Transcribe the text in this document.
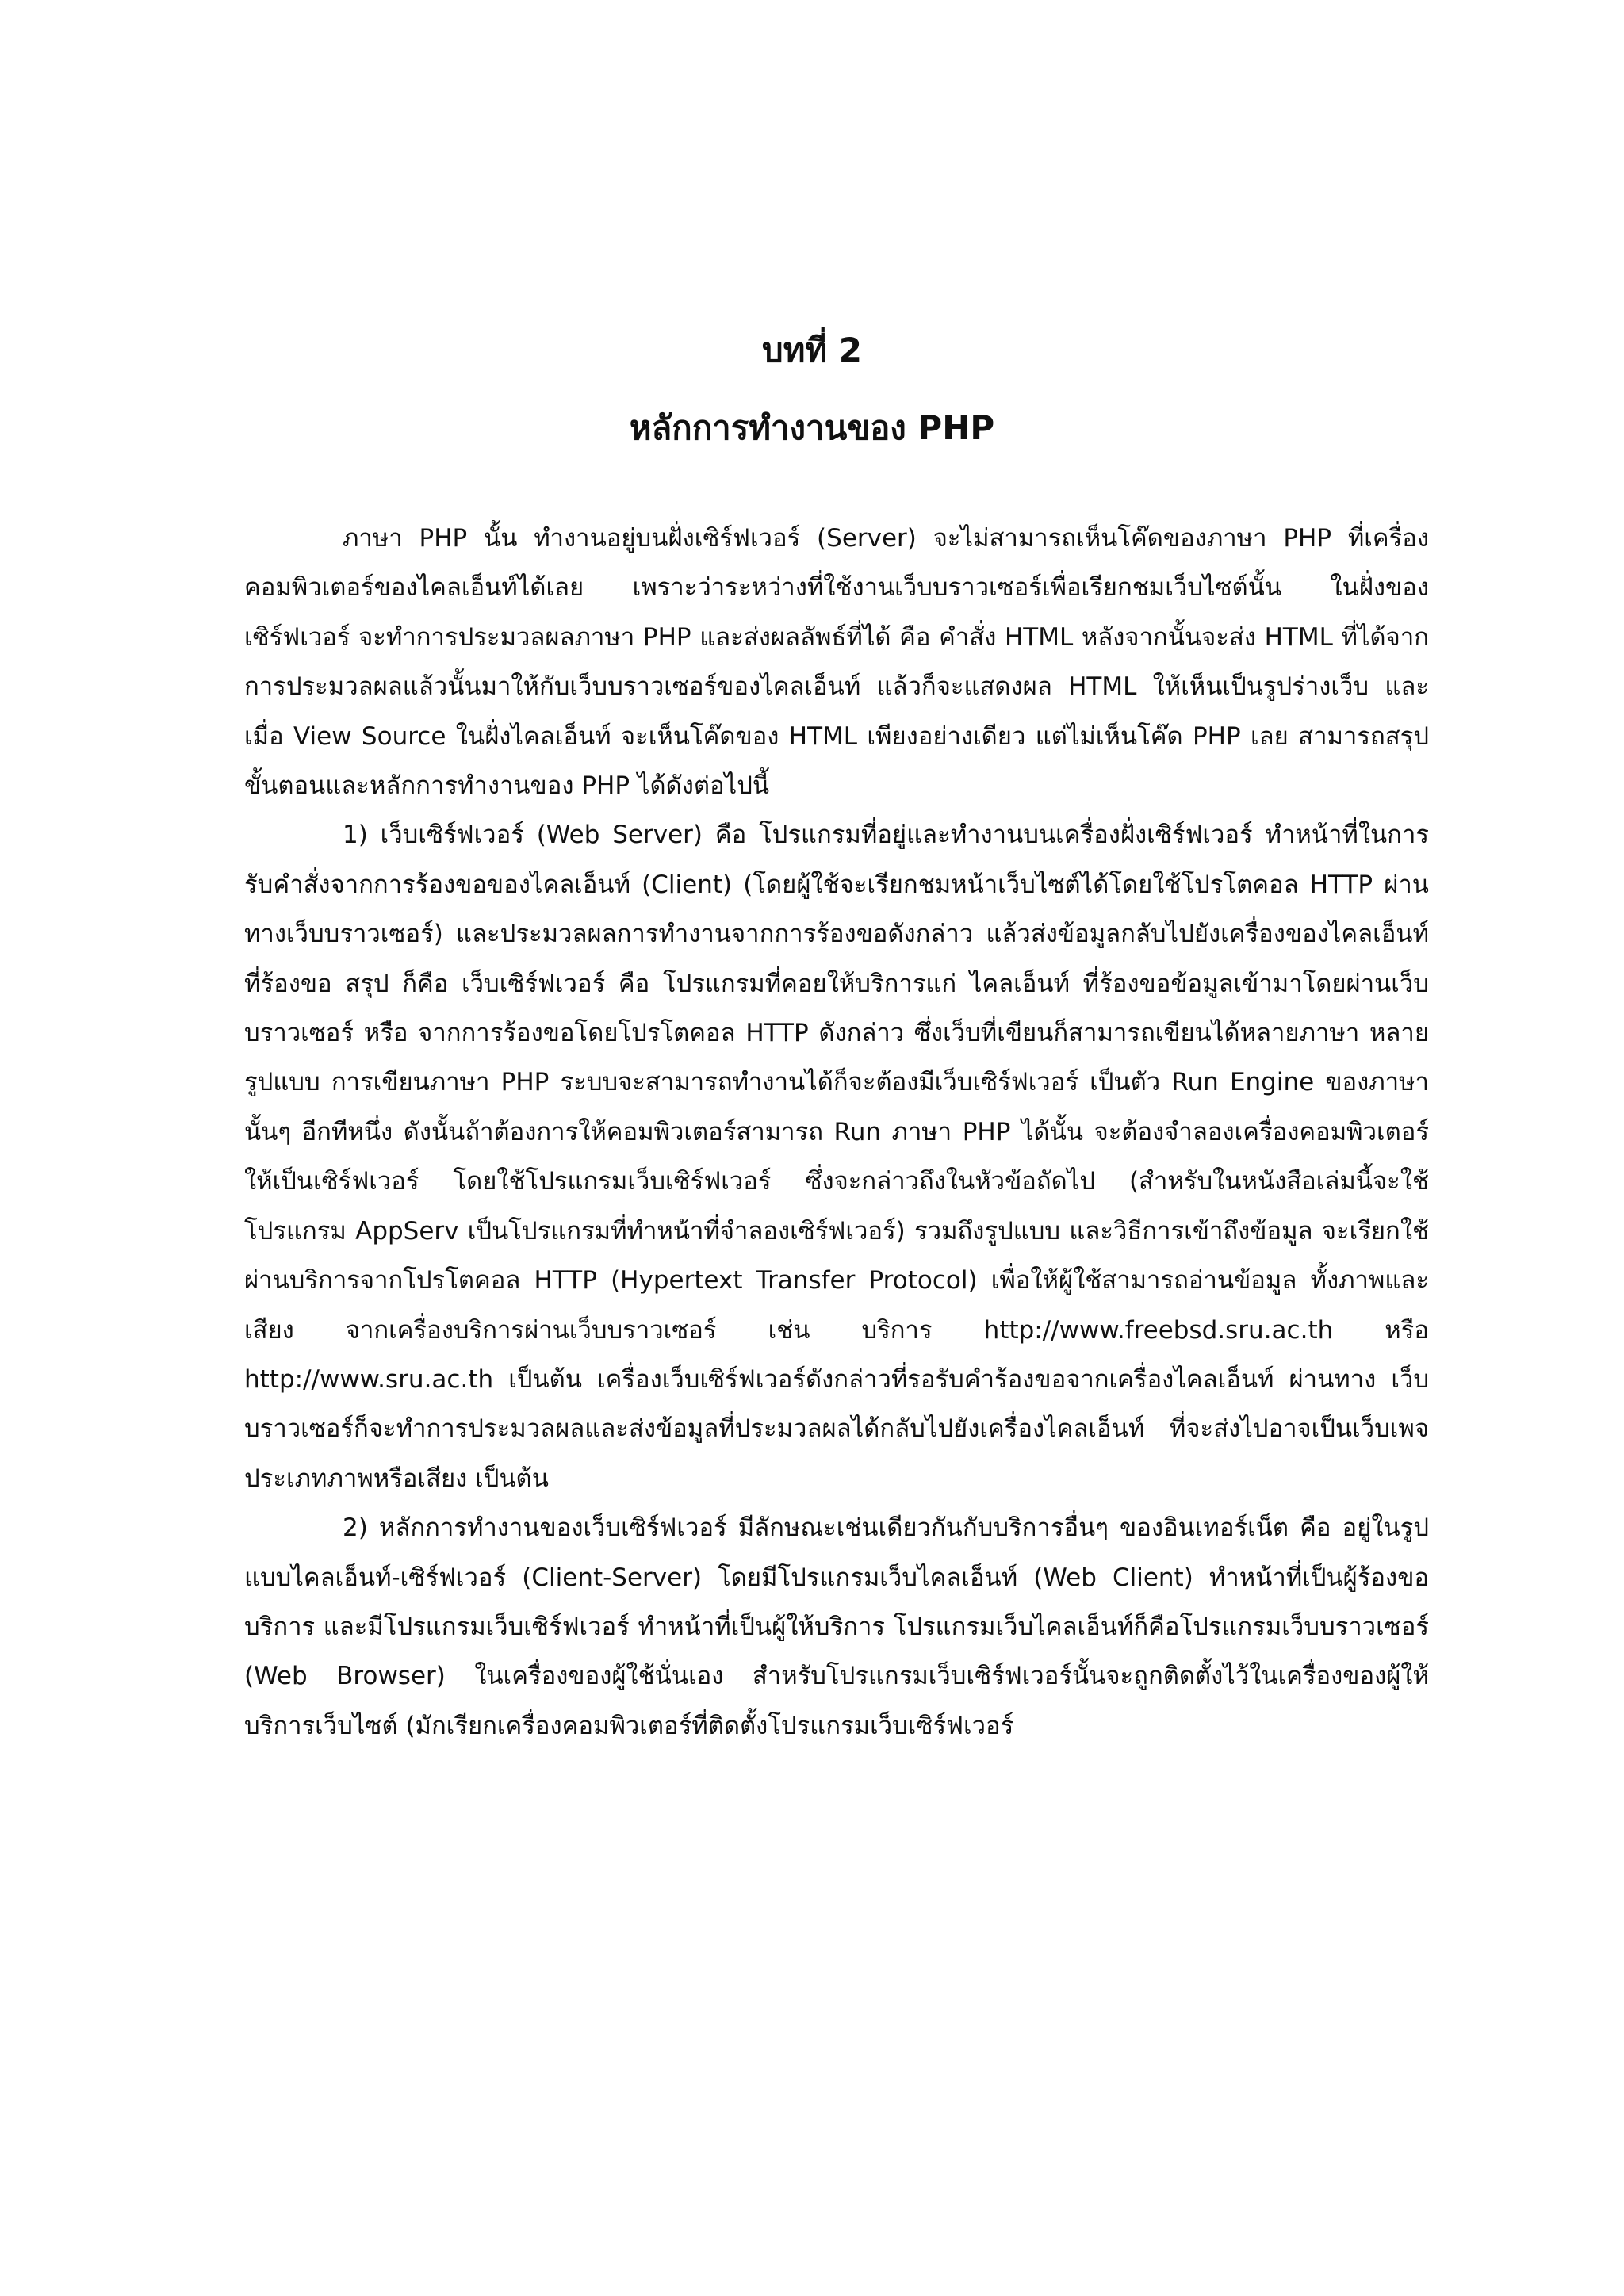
บทที่ 2
หลักการทำงานของ PHP

ภาษา PHP นั้น ทำงานอยู่บนฝั่งเซิร์ฟเวอร์ (Server) จะไม่สามารถเห็นโค๊ดของภาษา PHP ที่เครื่องคอมพิวเตอร์ของไคลเอ็นท์ได้เลย เพราะว่าระหว่างที่ใช้งานเว็บบราวเซอร์เพื่อเรียกชมเว็บไซต์นั้น ในฝั่งของเซิร์ฟเวอร์ จะทำการประมวลผลภาษา PHP และส่งผลลัพธ์ที่ได้ คือ คำสั่ง HTML หลังจากนั้นจะส่ง HTML ที่ได้จากการประมวลผลแล้วนั้นมาให้กับเว็บบราวเซอร์ของไคลเอ็นท์ แล้วก็จะแสดงผล HTML ให้เห็นเป็นรูปร่างเว็บ และเมื่อ View Source ในฝั่งไคลเอ็นท์ จะเห็นโค๊ดของ HTML เพียงอย่างเดียว แต่ไม่เห็นโค๊ด PHP เลย สามารถสรุปขั้นตอนและหลักการทำงานของ PHP ได้ดังต่อไปนี้

1) เว็บเซิร์ฟเวอร์ (Web Server) คือ โปรแกรมที่อยู่และทำงานบนเครื่องฝั่งเซิร์ฟเวอร์ ทำหน้าที่ในการรับคำสั่งจากการร้องขอของไคลเอ็นท์ (Client) (โดยผู้ใช้จะเรียกชมหน้าเว็บไซต์ได้โดยใช้โปรโตคอล HTTP ผ่านทางเว็บบราวเซอร์) และประมวลผลการทำงานจากการร้องขอดังกล่าว แล้วส่งข้อมูลกลับไปยังเครื่องของไคลเอ็นท์ ที่ร้องขอ สรุป ก็คือ เว็บเซิร์ฟเวอร์ คือ โปรแกรมที่คอยให้บริการแก่ ไคลเอ็นท์ ที่ร้องขอข้อมูลเข้ามาโดยผ่านเว็บบราวเซอร์ หรือ จากการร้องขอโดยโปรโตคอล HTTP ดังกล่าว ซึ่งเว็บที่เขียนก็สามารถเขียนได้หลายภาษา หลายรูปแบบ การเขียนภาษา PHP ระบบจะสามารถทำงานได้ก็จะต้องมีเว็บเซิร์ฟเวอร์ เป็นตัว Run Engine ของภาษานั้นๆ อีกทีหนึ่ง ดังนั้นถ้าต้องการให้คอมพิวเตอร์สามารถ Run ภาษา PHP ได้นั้น จะต้องจำลองเครื่องคอมพิวเตอร์ให้เป็นเซิร์ฟเวอร์ โดยใช้โปรแกรมเว็บเซิร์ฟเวอร์ ซึ่งจะกล่าวถึงในหัวข้อถัดไป (สำหรับในหนังสือเล่มนี้จะใช้โปรแกรม AppServ เป็นโปรแกรมที่ทำหน้าที่จำลองเซิร์ฟเวอร์) รวมถึงรูปแบบ และวิธีการเข้าถึงข้อมูล จะเรียกใช้ผ่านบริการจากโปรโตคอล HTTP (Hypertext Transfer Protocol) เพื่อให้ผู้ใช้สามารถอ่านข้อมูล ทั้งภาพและเสียง จากเครื่องบริการผ่านเว็บบราวเซอร์ เช่น บริการ http://www.freebsd.sru.ac.th หรือ http://www.sru.ac.th เป็นต้น เครื่องเว็บเซิร์ฟเวอร์ดังกล่าวที่รอรับคำร้องขอจากเครื่องไคลเอ็นท์ ผ่านทาง เว็บบราวเซอร์ก็จะทำการประมวลผลและส่งข้อมูลที่ประมวลผลได้กลับไปยังเครื่องไคลเอ็นท์ ที่จะส่งไปอาจเป็นเว็บเพจ ประเภทภาพหรือเสียง เป็นต้น

2) หลักการทำงานของเว็บเซิร์ฟเวอร์ มีลักษณะเช่นเดียวกันกับบริการอื่นๆ ของอินเทอร์เน็ต คือ อยู่ในรูปแบบไคลเอ็นท์-เซิร์ฟเวอร์ (Client-Server) โดยมีโปรแกรมเว็บไคลเอ็นท์ (Web Client) ทำหน้าที่เป็นผู้ร้องขอบริการ และมีโปรแกรมเว็บเซิร์ฟเวอร์ ทำหน้าที่เป็นผู้ให้บริการ โปรแกรมเว็บไคลเอ็นท์ก็คือโปรแกรมเว็บบราวเซอร์ (Web Browser) ในเครื่องของผู้ใช้นั่นเอง สำหรับโปรแกรมเว็บเซิร์ฟเวอร์นั้นจะถูกติดตั้งไว้ในเครื่องของผู้ให้บริการเว็บไซต์ (มักเรียกเครื่องคอมพิวเตอร์ที่ติดตั้งโปรแกรมเว็บเซิร์ฟเวอร์
